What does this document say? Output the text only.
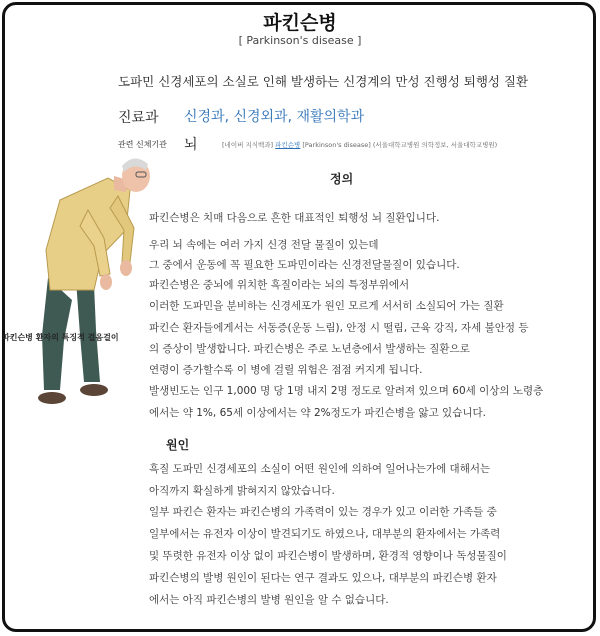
파킨슨병
[ Parkinson's disease ]
도파민 신경세포의 소실로 인해 발생하는 신경계의 만성 진행성 퇴행성 질환
진료과 신경과, 신경외과, 재활의학과
관련 신체기관 뇌	[네이버 지식백과] 파킨슨병 [Parkinson's disease] (서울대학교병원 의학정보, 서울대학교병원)
파킨슨병 환자의 특징적 걸음걸이
정의
파킨슨병은 치매 다음으로 흔한 대표적인 퇴행성 뇌 질환입니다.
우리 뇌 속에는 여러 가지 신경 전달 물질이 있는데
그 중에서 운동에 꼭 필요한 도파민이라는 신경전달물질이 있습니다.
파킨슨병은 중뇌에 위치한 흑질이라는 뇌의 특정부위에서
이러한 도파민을 분비하는 신경세포가 원인 모르게 서서히 소실되어 가는 질환
파킨슨 환자들에게서는 서동증(운동 느림), 안정 시 떨림, 근육 강직, 자세 불안정 등
의 증상이 발생합니다. 파킨슨병은 주로 노년층에서 발생하는 질환으로
연령이 증가할수록 이 병에 걸릴 위험은 점점 커지게 됩니다.
발생빈도는 인구 1,000 명 당 1명 내지 2명 정도로 알려져 있으며 60세 이상의 노령층
에서는 약 1%, 65세 이상에서는 약 2%정도가 파킨슨병을 앓고 있습니다.
원인
흑질 도파민 신경세포의 소실이 어떤 원인에 의하여 일어나는가에 대해서는
아직까지 확실하게 밝혀지지 않았습니다.
일부 파킨슨 환자는 파킨슨병의 가족력이 있는 경우가 있고 이러한 가족들 중
일부에서는 유전자 이상이 발견되기도 하였으나, 대부분의 환자에서는 가족력
및 뚜렷한 유전자 이상 없이 파킨슨병이 발생하며, 환경적 영향이나 독성물질이
파킨슨병의 발병 원인이 된다는 연구 결과도 있으나, 대부분의 파킨슨병 환자
에서는 아직 파킨슨병의 발병 원인을 알 수 없습니다.
